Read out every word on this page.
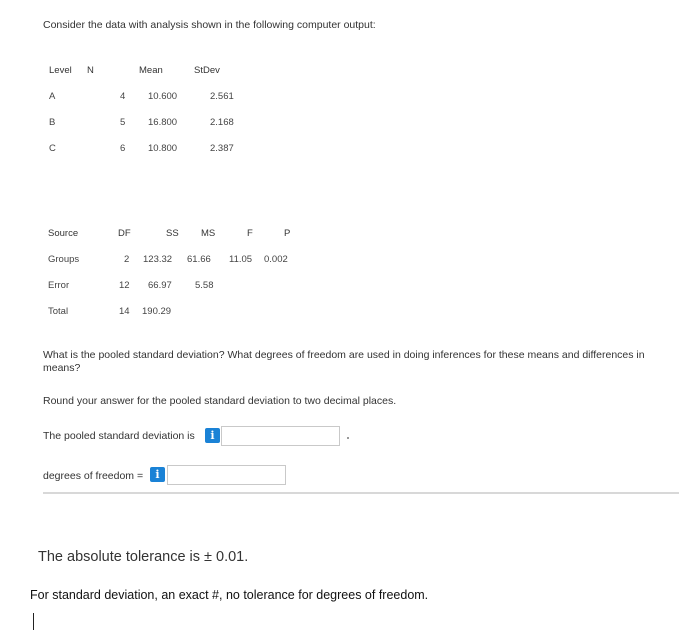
Consider the data with analysis shown in the following computer output:
Level N	Mean	StDev
A	4 10.600	2.561
B	5 16.800	2.168
C	6 10.800	2.387
Source	DF	SS MS	F	P
Groups	2 123.32 61.66 11.05 0.002
Error	12 66.97 5.58
Total	14 190.29
What is the pooled standard deviation? What degrees of freedom are used in doing inferences for these means and differences in means?
Round your answer for the pooled standard deviation to two decimal places.
The pooled standard deviation is	i
degrees of freedom =	i
The absolute tolerance is ± 0.01.
For standard deviation, an exact #, no tolerance for degrees of freedom.
